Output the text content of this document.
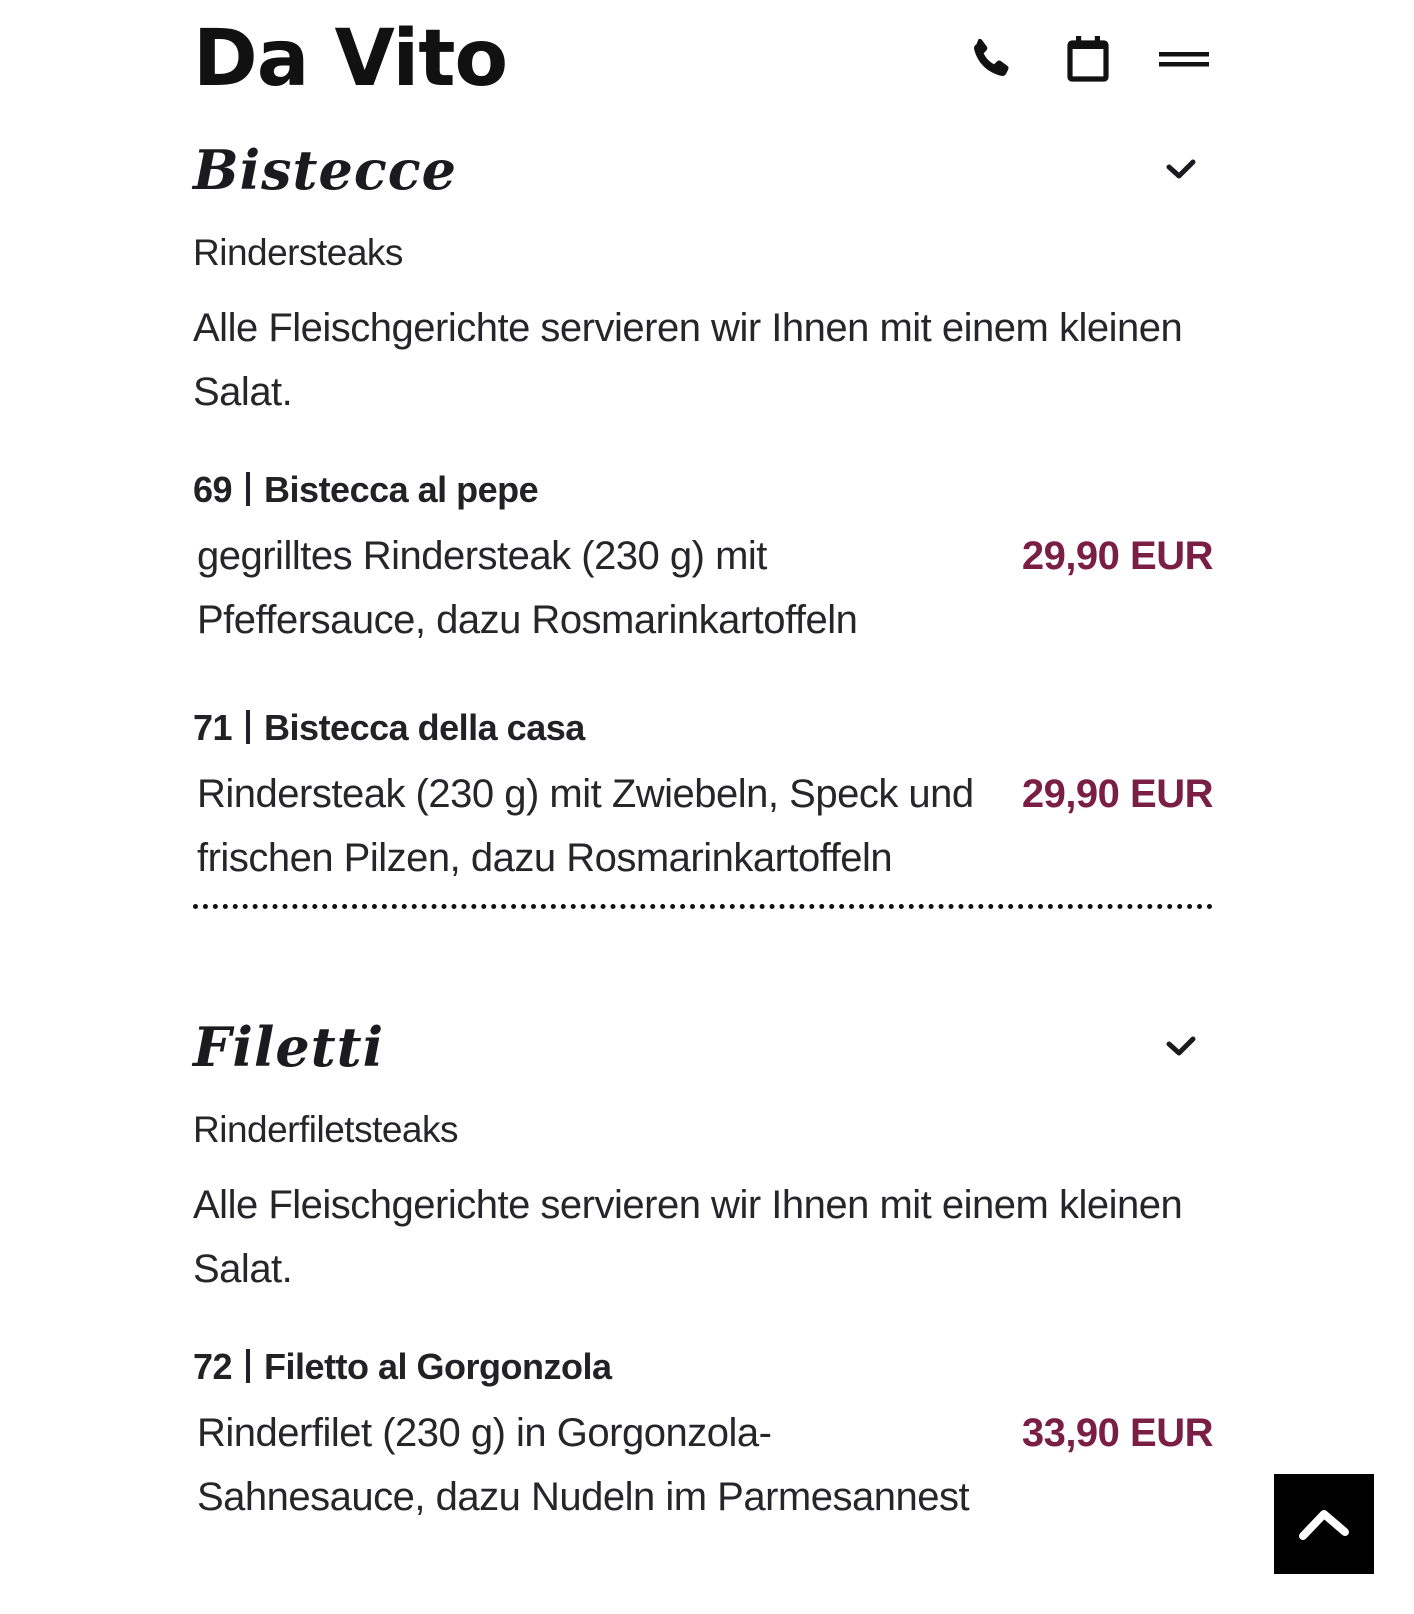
Da Vito
Bistecce
Rindersteaks
Alle Fleischgerichte servieren wir Ihnen mit einem kleinen Salat.
69 Bistecca al pepe
gegrilltes Rindersteak (230 g) mit Pfeffersauce, dazu Rosmarinkartoffeln
29,90 EUR
71 Bistecca della casa
Rindersteak (230 g) mit Zwiebeln, Speck und frischen Pilzen, dazu Rosmarinkartoffeln
29,90 EUR
Filetti
Rinderfiletsteaks
Alle Fleischgerichte servieren wir Ihnen mit einem kleinen Salat.
72 Filetto al Gorgonzola
Rinderfilet (230 g) in Gorgonzola-Sahnesauce, dazu Nudeln im Parmesannest
33,90 EUR
